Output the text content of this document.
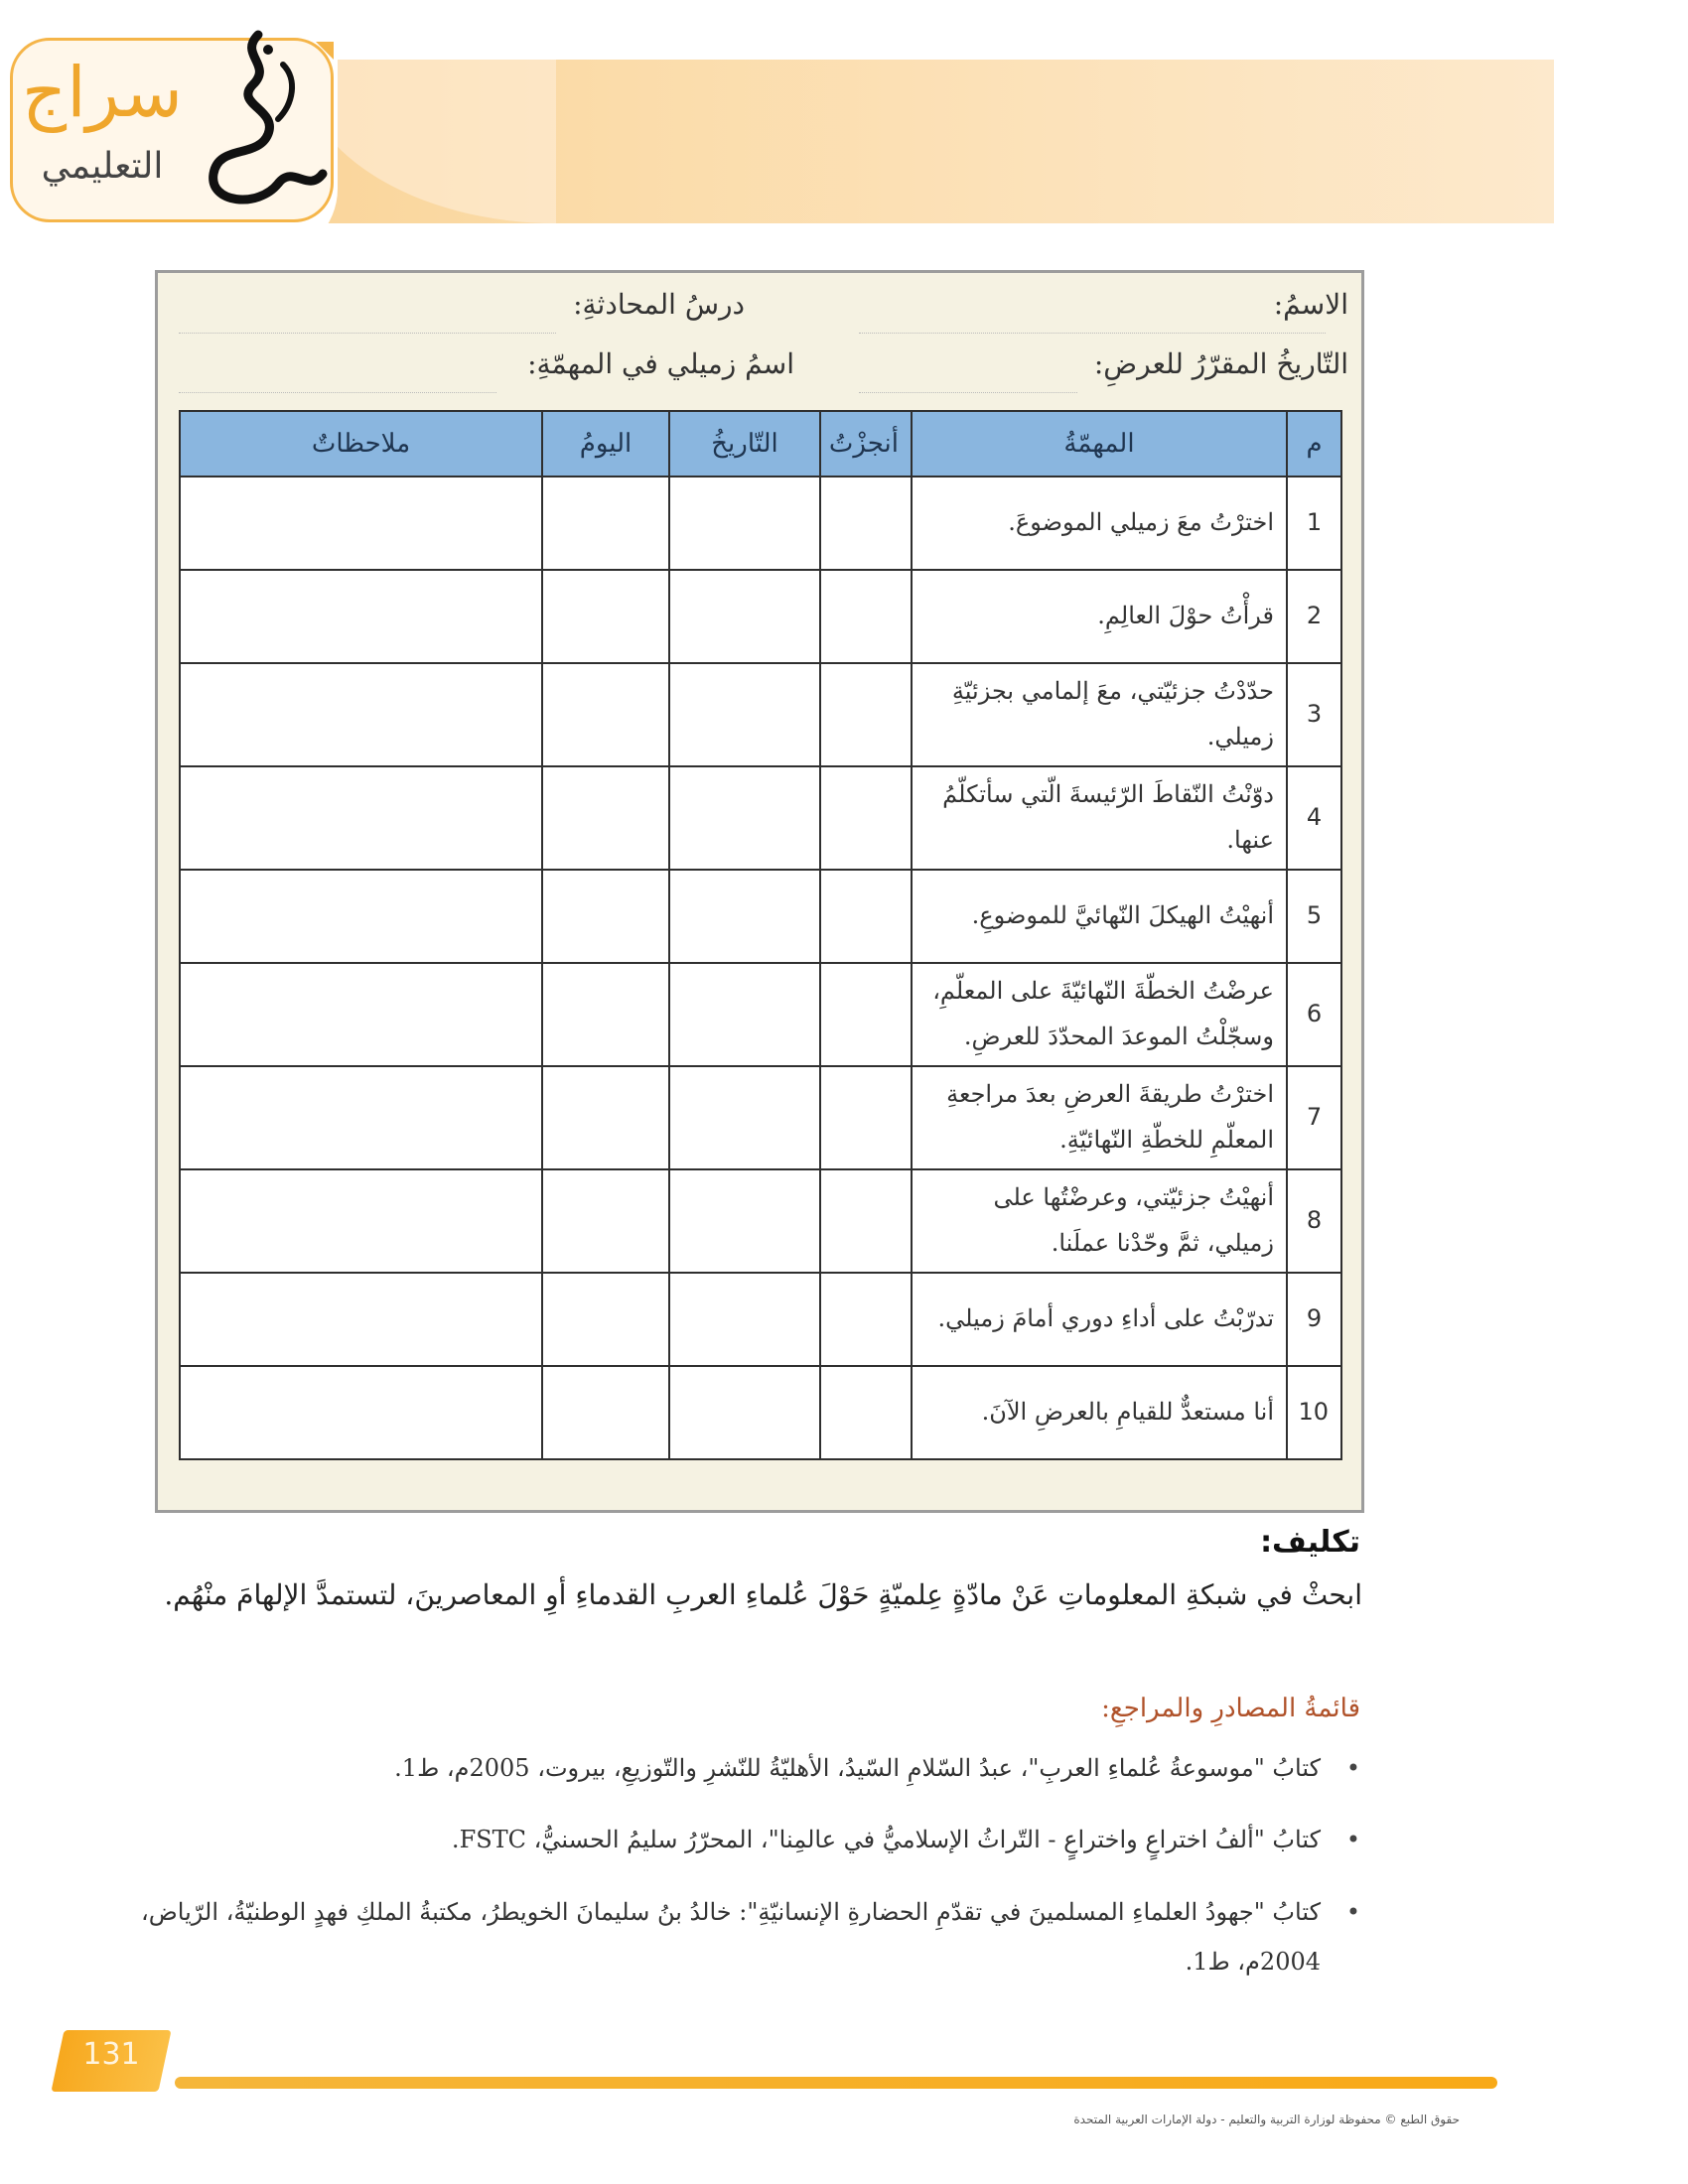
سراج
التعليمي
الاسمُ:
درسُ المحادثةِ:
التّاريخُ المقرّرُ للعرضِ:
اسمُ زميلي في المهمّةِ:
م	المهمّةُ	أنجزْتُ	التّاريخُ	اليومُ	ملاحظاتٌ
1	اخترْتُ معَ زميلي الموضوعَ.				
2	قرأْتُ حوْلَ العالِمِ.				
3	حدّدْتُ جزئيّتي، معَ إلمامي بجزئيّةِ زميلي.				
4	دوّنْتُ النّقاطَ الرّئيسةَ الّتي سأتكلّمُ عنها.				
5	أنهيْتُ الهيكلَ النّهائيَّ للموضوعِ.				
6	عرضْتُ الخطّةَ النّهائيّةَ على المعلّمِ، وسجّلْتُ الموعدَ المحدّدَ للعرضِ.				
7	اخترْتُ طريقةَ العرضِ بعدَ مراجعةِ المعلّمِ للخطّةِ النّهائيّةِ.				
8	أنهيْتُ جزئيّتي، وعرضْتُها على زميلي، ثمَّ وحّدْنا عملَنا.				
9	تدرّبْتُ على أداءِ دوري أمامَ زميلي.				
10	أنا مستعدٌّ للقيامِ بالعرضِ الآنَ.				
تكليف:
ابحثْ في شبكةِ المعلوماتِ عَنْ مادّةٍ عِلميّةٍ حَوْلَ عُلماءِ العربِ القدماءِ أوِ المعاصرينَ، لتستمدَّ الإلهامَ منْهُم.
قائمةُ المصادرِ والمراجعِ:
• كتابُ "موسوعةُ عُلماءِ العربِ"، عبدُ السّلامِ السّيدُ، الأهليّةُ للنّشرِ والتّوزيعِ، بيروت، 2005م، ط1.
• كتابُ "ألفُ اختراعٍ واختراعٍ - التّراثُ الإسلاميُّ في عالمِنا"، المحرّرُ سليمُ الحسنيُّ، FSTC.
• كتابُ "جهودُ العلماءِ المسلمينَ في تقدّمِ الحضارةِ الإنسانيّةِ": خالدُ بنُ سليمانَ الخويطرُ، مكتبةُ الملكِ فهدٍ الوطنيّةُ، الرّياض، 2004م، ط1.
131
حقوق الطبع © محفوظة لوزارة التربية والتعليم - دولة الإمارات العربية المتحدة
